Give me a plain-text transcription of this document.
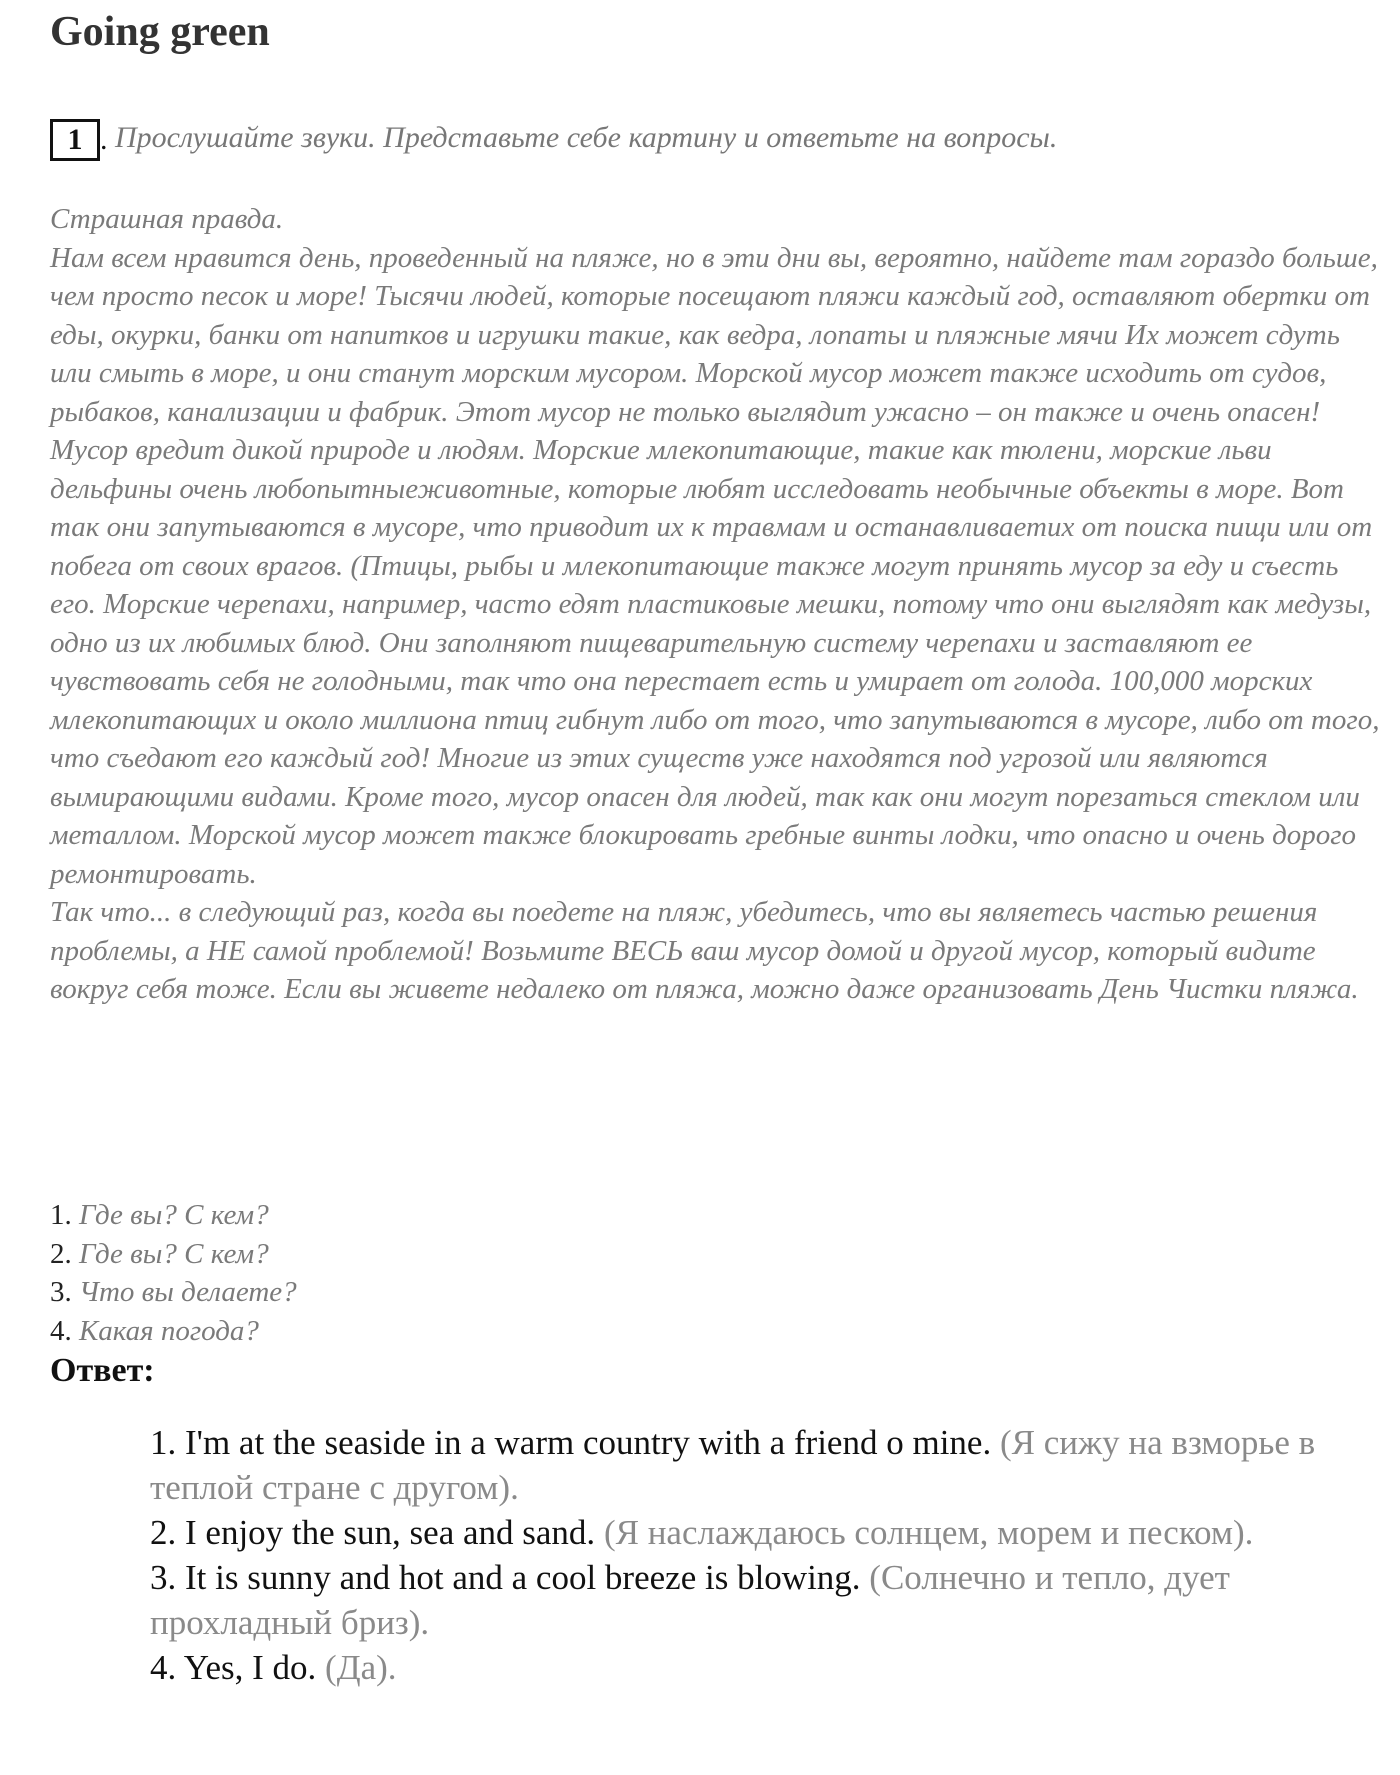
Going green
1 . Прослушайте звуки. Представьте себе картину и ответьте на вопросы.

Страшная правда.

Нам всем нравится день, проведенный на пляже, но в эти дни вы, вероятно, найдете там гораздо больше, чем просто песок и море! Тысячи людей, которые посещают пляжи каждый год, оставляют обертки от еды, окурки, банки от напитков и игрушки такие, как ведра, лопаты и пляжные мячи Их может сдуть или смыть в море, и они станут морским мусором. Морской мусор может также исходить от судов, рыбаков, канализации и фабрик. Этот мусор не только выглядит ужасно – он также и очень опасен!

Мусор вредит дикой природе и людям. Морские млекопитающие, такие как тюлени, морские льви дельфины очень любопытныеживотные, которые любят исследовать необычные объекты в море. Вот так они запутываются в мусоре, что приводит их к травмам и останавливаетих от поиска пищи или от побега от своих врагов. (Птицы, рыбы и млекопитающие также могут принять мусор за еду и съесть его. Морские черепахи, например, часто едят пластиковые мешки, потому что они выглядят как медузы, одно из их любимых блюд. Они заполняют пищеварительную систему черепахи и заставляют ее чувствовать себя не голодными, так что она перестает есть и умирает от голода. 100,000 морских млекопитающих и около миллиона птиц гибнут либо от того, что запутываются в мусоре, либо от того, что съедают его каждый год! Многие из этих существ уже находятся под угрозой или являются вымирающими видами. Кроме того, мусор опасен для людей, так как они могут порезаться стеклом или металлом. Морской мусор может также блокировать гребные винты лодки, что опасно и очень дорого ремонтировать.

Так что... в следующий раз, когда вы поедете на пляж, убедитесь, что вы являетесь частью решения проблемы, а НЕ самой проблемой! Возьмите ВЕСЬ ваш мусор домой и другой мусор, который видите вокруг себя тоже. Если вы живете недалеко от пляжа, можно даже организовать День Чистки пляжа.

1. Где вы? С кем?
2. Где вы? С кем?
3. Что вы делаете?
4. Какая погода?
Ответ:

1. I'm at the seaside in a warm country with a friend o mine. (Я сижу на взморье в теплой стране с другом).

2. I enjoy the sun, sea and sand. (Я наслаждаюсь солнцем, морем и песком).

3. It is sunny and hot and a cool breeze is blowing. (Солнечно и тепло, дует прохладный бриз).

4. Yes, I do. (Да).
